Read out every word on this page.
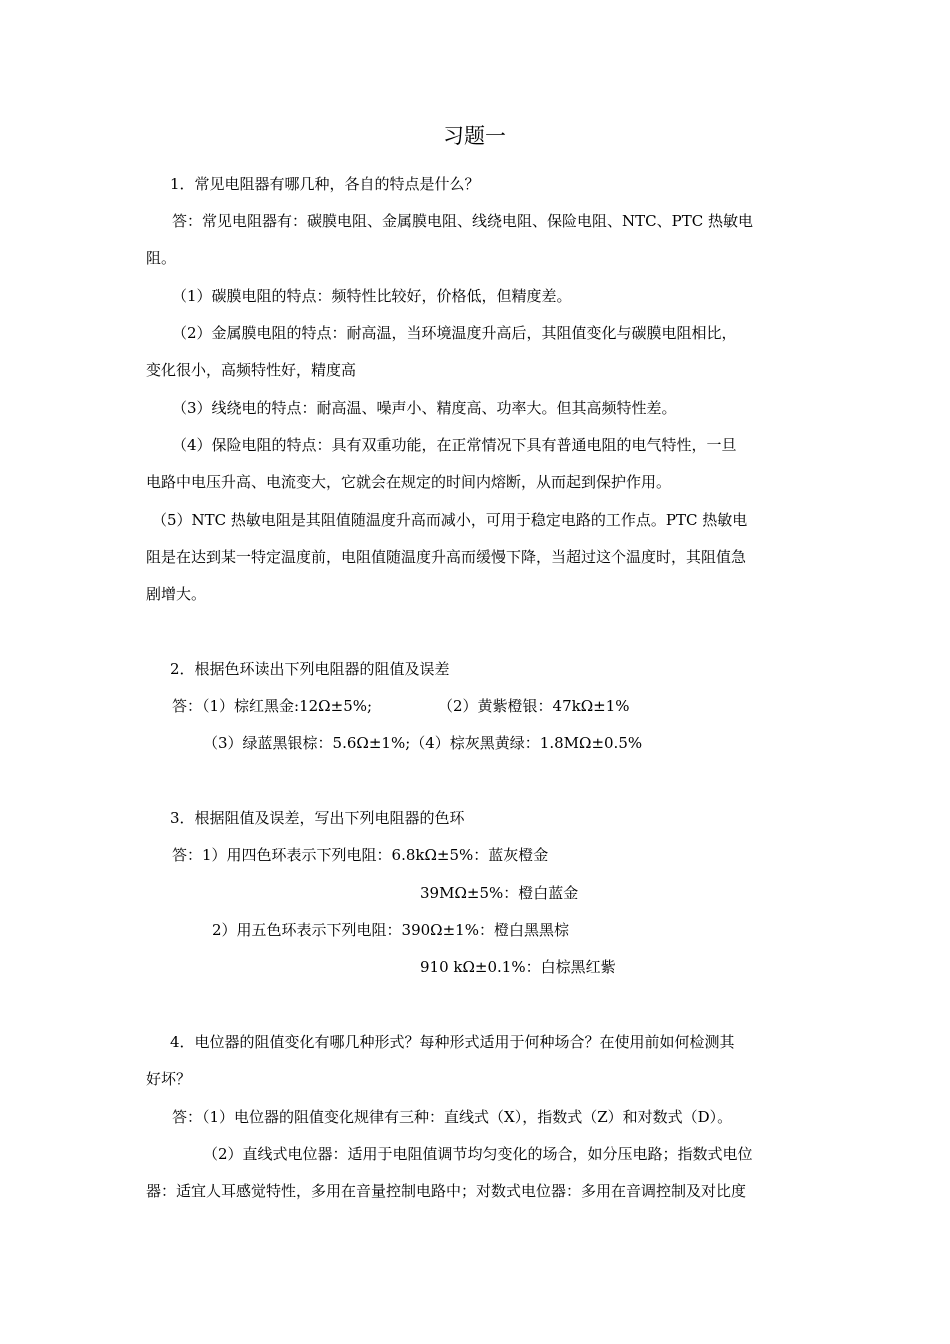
习题一
1．常见电阻器有哪几种，各自的特点是什么？
答：常见电阻器有：碳膜电阻、金属膜电阻、线绕电阻、保险电阻、NTC、PTC 热敏电
阻。
（1）碳膜电阻的特点：频特性比较好，价格低，但精度差。
（2）金属膜电阻的特点：耐高温，当环境温度升高后，其阻值变化与碳膜电阻相比，
变化很小，高频特性好，精度高
（3）线绕电的特点：耐高温、噪声小、精度高、功率大。但其高频特性差。
（4）保险电阻的特点：具有双重功能，在正常情况下具有普通电阻的电气特性，一旦
电路中电压升高、电流变大，它就会在规定的时间内熔断，从而起到保护作用。
（5）NTC 热敏电阻是其阻值随温度升高而减小，可用于稳定电路的工作点。PTC 热敏电
阻是在达到某一特定温度前，电阻值随温度升高而缓慢下降，当超过这个温度时，其阻值急
剧增大。
2．根据色环读出下列电阻器的阻值及误差
答：（1）棕红黑金:12Ω±5%;	（2）黄紫橙银：47kΩ±1%
（3）绿蓝黑银棕：5.6Ω±1%;（4）棕灰黑黄绿：1.8MΩ±0.5%
3．根据阻值及误差，写出下列电阻器的色环
答：1）用四色环表示下列电阻：6.8kΩ±5%：蓝灰橙金
39MΩ±5%：橙白蓝金
2）用五色环表示下列电阻：390Ω±1%：橙白黑黑棕
910 kΩ±0.1%：白棕黑红紫
4．电位器的阻值变化有哪几种形式？每种形式适用于何种场合？在使用前如何检测其
好坏？
答：（1）电位器的阻值变化规律有三种：直线式（X），指数式（Z）和对数式（D）。
（2）直线式电位器：适用于电阻值调节均匀变化的场合，如分压电路；指数式电位
器：适宜人耳感觉特性，多用在音量控制电路中；对数式电位器：多用在音调控制及对比度
